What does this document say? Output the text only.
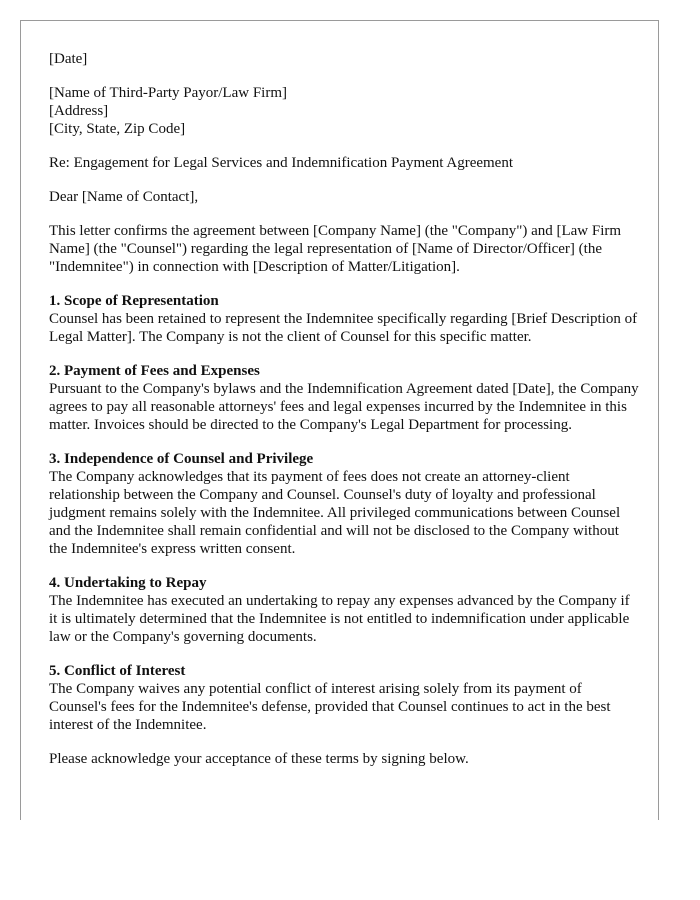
[Date]

[Name of Third-Party Payor/Law Firm]
[Address]
[City, State, Zip Code]

Re: Engagement for Legal Services and Indemnification Payment Agreement

Dear [Name of Contact],

This letter confirms the agreement between [Company Name] (the "Company") and [Law Firm Name] (the "Counsel") regarding the legal representation of [Name of Director/Officer] (the "Indemnitee") in connection with [Description of Matter/Litigation].

1. Scope of Representation
Counsel has been retained to represent the Indemnitee specifically regarding [Brief Description of Legal Matter]. The Company is not the client of Counsel for this specific matter.
2. Payment of Fees and Expenses
Pursuant to the Company's bylaws and the Indemnification Agreement dated [Date], the Company agrees to pay all reasonable attorneys' fees and legal expenses incurred by the Indemnitee in this matter. Invoices should be directed to the Company's Legal Department for processing.
3. Independence of Counsel and Privilege
The Company acknowledges that its payment of fees does not create an attorney-client relationship between the Company and Counsel. Counsel's duty of loyalty and professional judgment remains solely with the Indemnitee. All privileged communications between Counsel and the Indemnitee shall remain confidential and will not be disclosed to the Company without the Indemnitee's express written consent.
4. Undertaking to Repay
The Indemnitee has executed an undertaking to repay any expenses advanced by the Company if it is ultimately determined that the Indemnitee is not entitled to indemnification under applicable law or the Company's governing documents.
5. Conflict of Interest
The Company waives any potential conflict of interest arising solely from its payment of Counsel's fees for the Indemnitee's defense, provided that Counsel continues to act in the best interest of the Indemnitee.

Please acknowledge your acceptance of these terms by signing below.
